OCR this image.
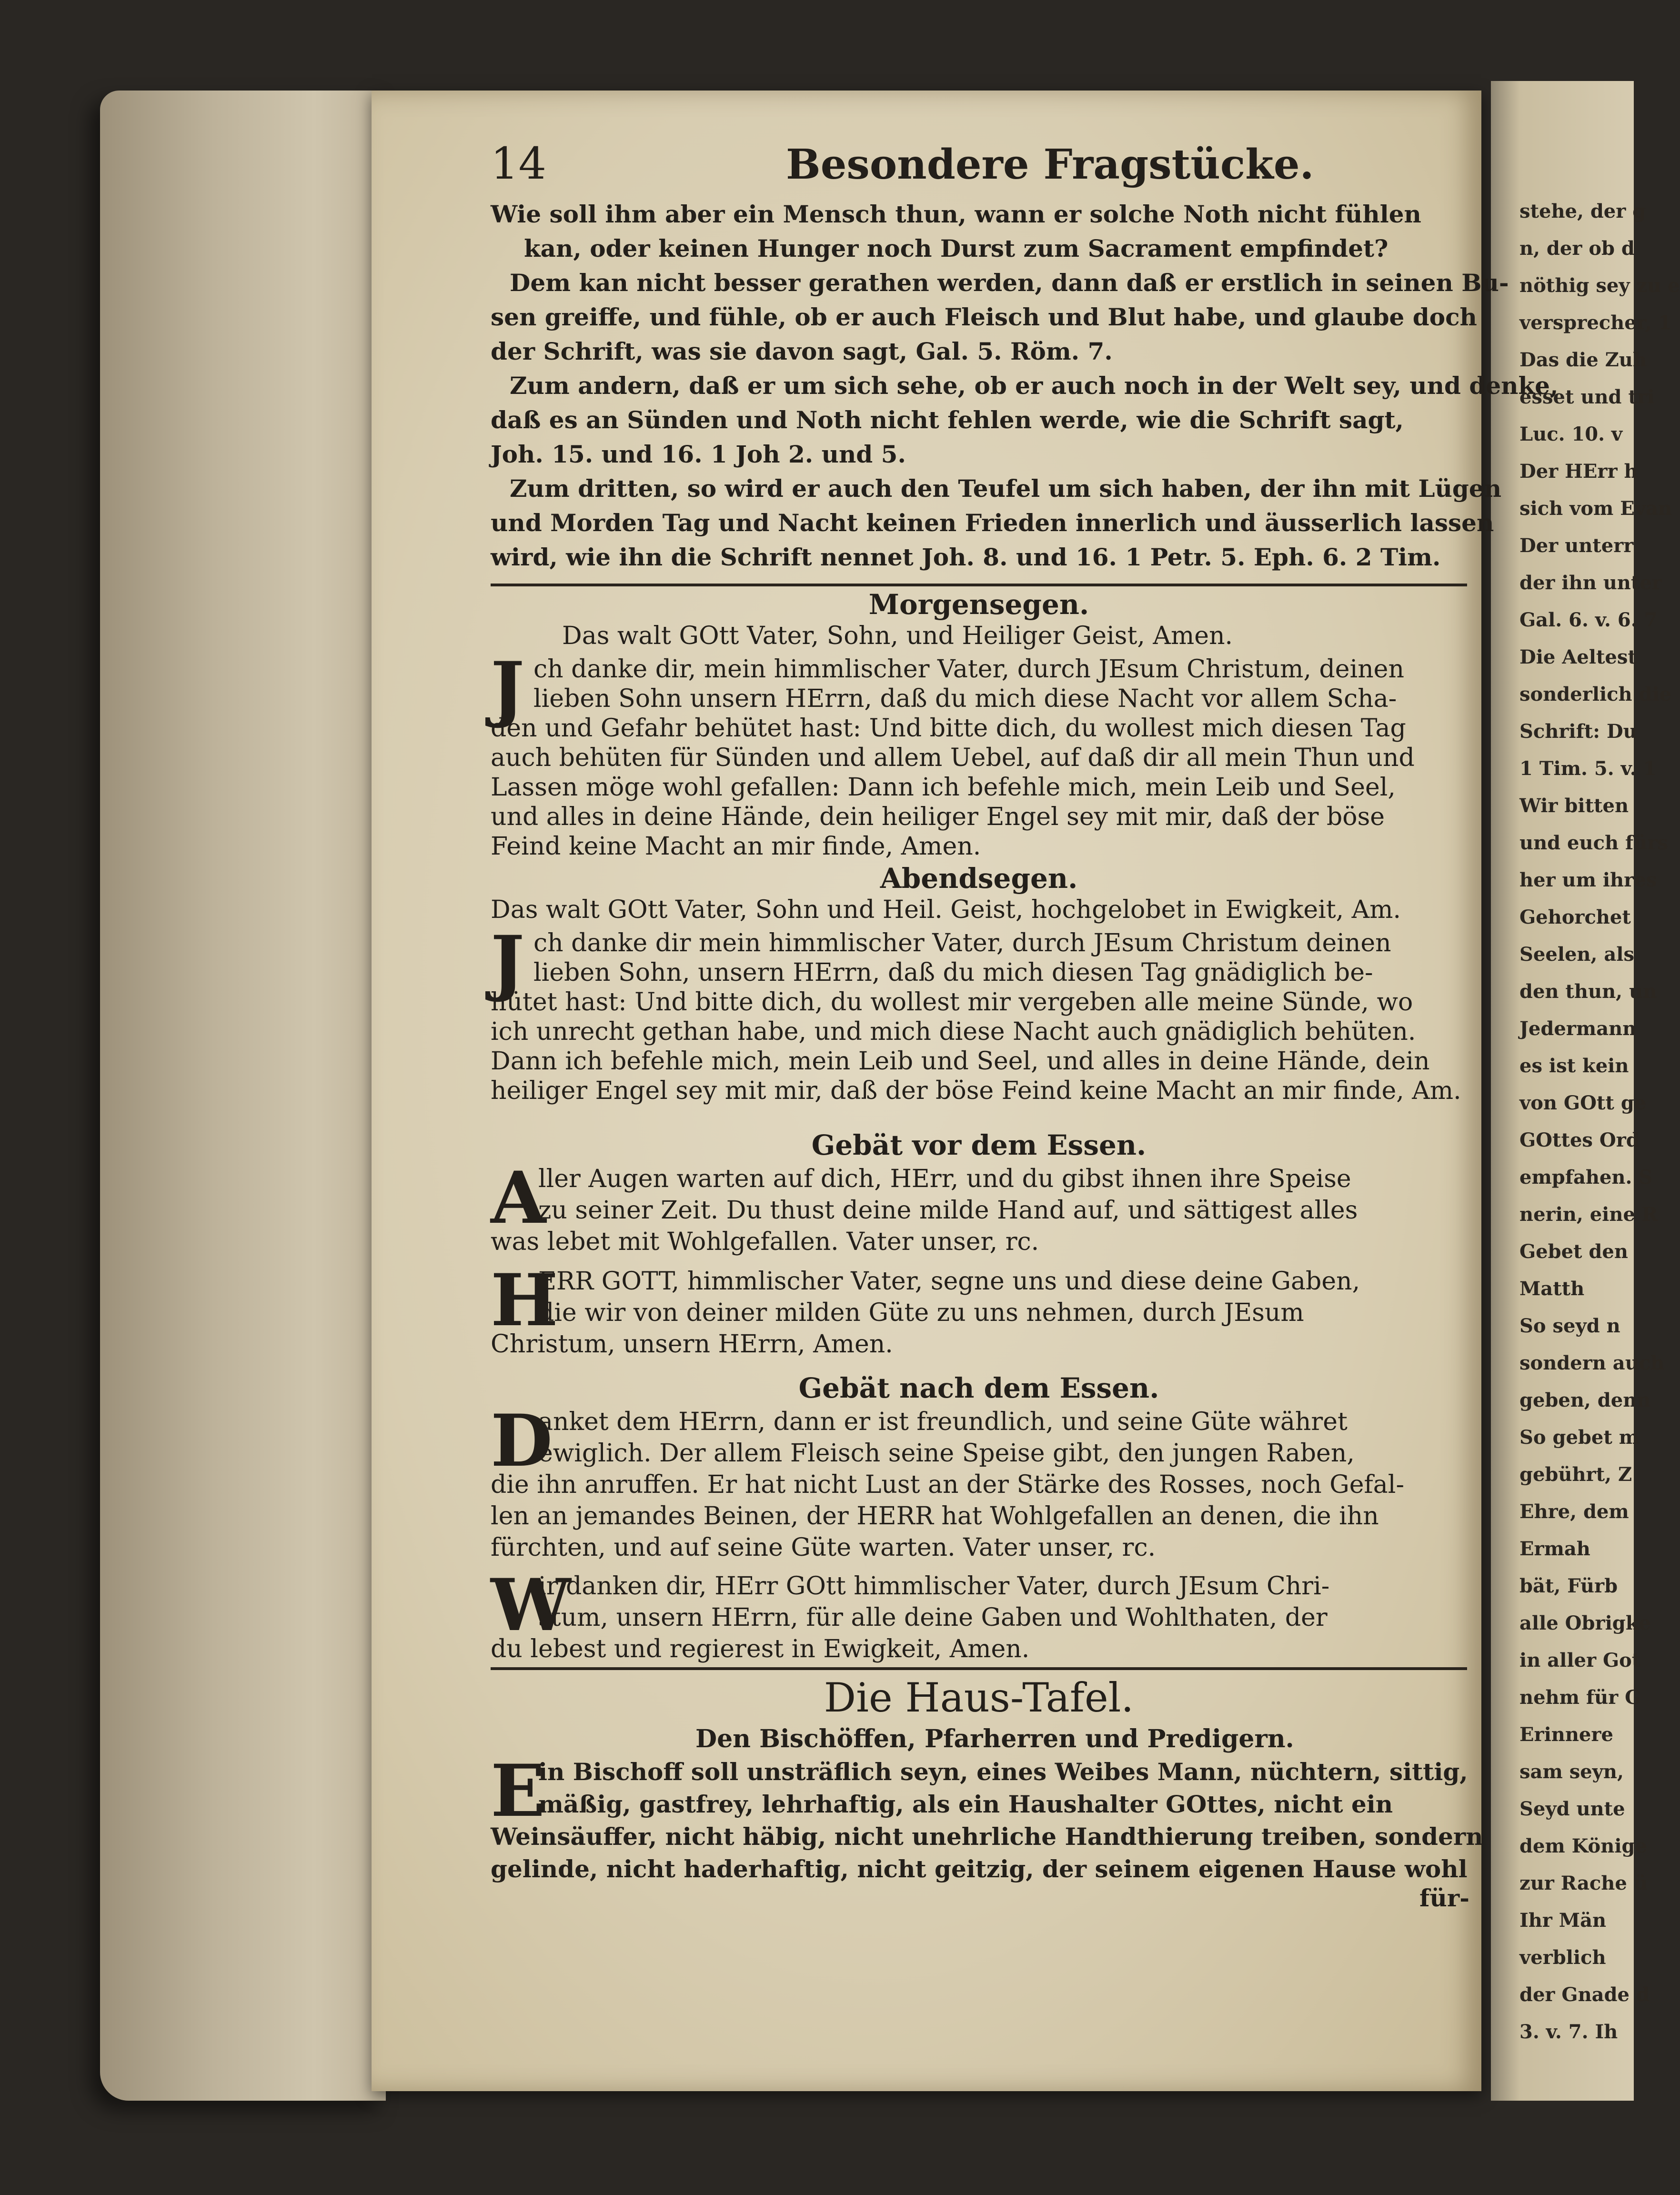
stehe, der g
n, der ob d
nöthig sey zu e
versprecher, 1
Das die Zuh
esset und tri
Luc. 10. v
Der HErr h
sich vom Evan
Der unterr
der ihn unter
Gal. 6. v. 6. 7
Die Aeltest
sonderlich die
Schrift: Du
1 Tim. 5. v. 1
Wir bitten
und euch fürs
her um ihres
Gehorchet
Seelen, als
den thun, un
Jedermann
es ist kein
von GOtt ge
GOttes Ord
empfahen. S
nerin, eine R
Gebet den
Matth
So seyd n
sondern auch
geben, denn
So gebet m
gebührt, Z
Ehre, dem
Ermah
bät, Fürb
alle Obrigke
in aller Got
nehm für G
Erinnere
sam seyn,
Seyd unte
dem Könige
zur Rache ü
Ihr Män
verblich
der Gnade d
3. v. 7. Ih
14	Besondere Fragstücke.
Wie soll ihm aber ein Mensch thun, wann er solche Noth nicht fühlen
kan, oder keinen Hunger noch Durst zum Sacrament empfindet?
Dem kan nicht besser gerathen werden, dann daß er erstlich in seinen Bu-
sen greiffe, und fühle, ob er auch Fleisch und Blut habe, und glaube doch
der Schrift, was sie davon sagt, Gal. 5. Röm. 7.
Zum andern, daß er um sich sehe, ob er auch noch in der Welt sey, und denke,
daß es an Sünden und Noth nicht fehlen werde, wie die Schrift sagt,
Joh. 15. und 16. 1 Joh 2. und 5.
Zum dritten, so wird er auch den Teufel um sich haben, der ihn mit Lügen
und Morden Tag und Nacht keinen Frieden innerlich und äusserlich lassen
wird, wie ihn die Schrift nennet Joh. 8. und 16. 1 Petr. 5. Eph. 6. 2 Tim.
Morgensegen.
Das walt GOtt Vater, Sohn, und Heiliger Geist, Amen.
J ch danke dir, mein himmlischer Vater, durch JEsum Christum, deinen
lieben Sohn unsern HErrn, daß du mich diese Nacht vor allem Scha-
den und Gefahr behütet hast: Und bitte dich, du wollest mich diesen Tag
auch behüten für Sünden und allem Uebel, auf daß dir all mein Thun und
Lassen möge wohl gefallen: Dann ich befehle mich, mein Leib und Seel,
und alles in deine Hände, dein heiliger Engel sey mit mir, daß der böse
Feind keine Macht an mir finde, Amen.
Abendsegen.
Das walt GOtt Vater, Sohn und Heil. Geist, hochgelobet in Ewigkeit, Am.
J ch danke dir mein himmlischer Vater, durch JEsum Christum deinen
lieben Sohn, unsern HErrn, daß du mich diesen Tag gnädiglich be-
hütet hast: Und bitte dich, du wollest mir vergeben alle meine Sünde, wo
ich unrecht gethan habe, und mich diese Nacht auch gnädiglich behüten.
Dann ich befehle mich, mein Leib und Seel, und alles in deine Hände, dein
heiliger Engel sey mit mir, daß der böse Feind keine Macht an mir finde, Am.
Gebät vor dem Essen.
A
ller Augen warten auf dich, HErr, und du gibst ihnen ihre Speise
zu seiner Zeit. Du thust deine milde Hand auf, und sättigest alles
was lebet mit Wohlgefallen. Vater unser, rc.
H
ERR GOTT, himmlischer Vater, segne uns und diese deine Gaben,
die wir von deiner milden Güte zu uns nehmen, durch JEsum
Christum, unsern HErrn, Amen.
Gebät nach dem Essen.
D
anket dem HErrn, dann er ist freundlich, und seine Güte währet
ewiglich. Der allem Fleisch seine Speise gibt, den jungen Raben,
die ihn anruffen. Er hat nicht Lust an der Stärke des Rosses, noch Gefal-
len an jemandes Beinen, der HERR hat Wohlgefallen an denen, die ihn
fürchten, und auf seine Güte warten. Vater unser, rc.
W
ir danken dir, HErr GOtt himmlischer Vater, durch JEsum Chri-
stum, unsern HErrn, für alle deine Gaben und Wohlthaten, der
du lebest und regierest in Ewigkeit, Amen.
Die Haus-Tafel.
Den Bischöffen, Pfarherren und Predigern.
E
in Bischoff soll unsträflich seyn, eines Weibes Mann, nüchtern, sittig,
mäßig, gastfrey, lehrhaftig, als ein Haushalter GOttes, nicht ein
Weinsäuffer, nicht häbig, nicht unehrliche Handthierung treiben, sondern
gelinde, nicht haderhaftig, nicht geitzig, der seinem eigenen Hause wohl
für-
